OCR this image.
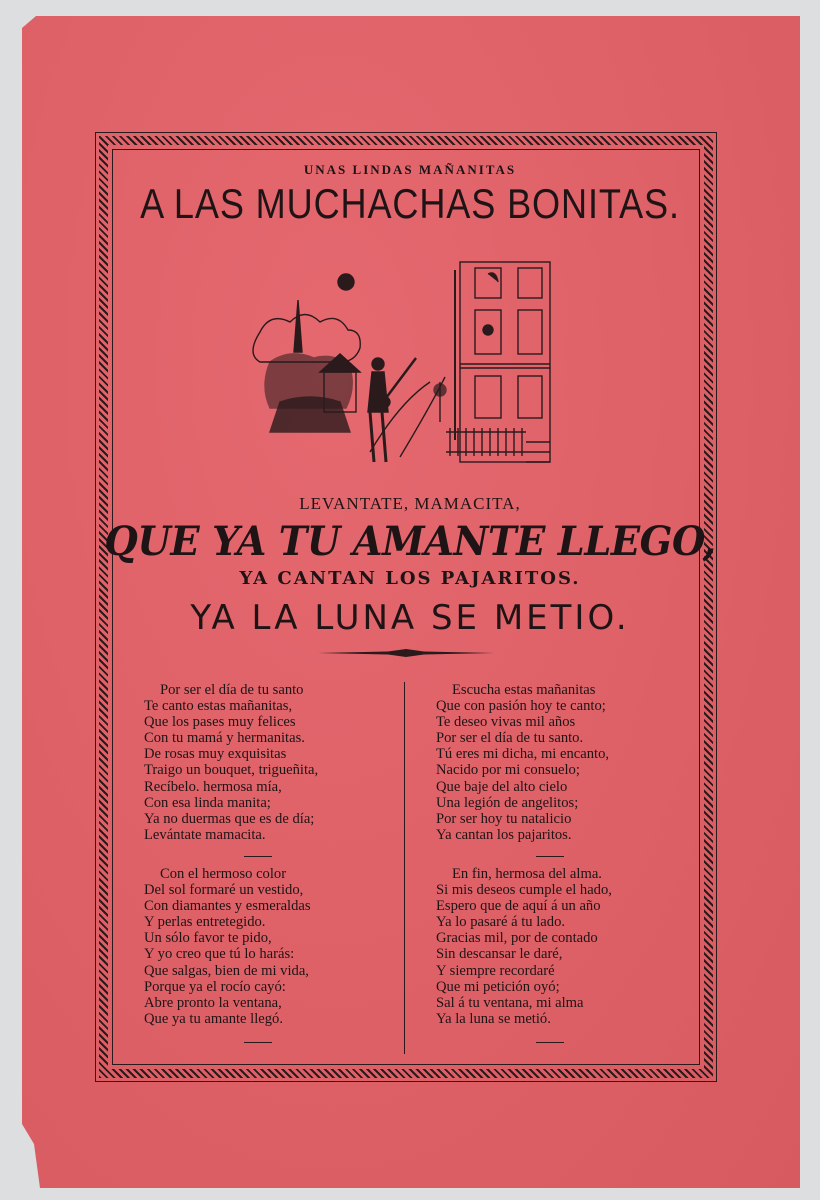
UNAS LINDAS MAÑANITAS
A LAS MUCHACHAS BONITAS.
LEVANTATE, MAMACITA,
QUE YA TU AMANTE LLEGO,
YA CANTAN LOS PAJARITOS.
YA LA LUNA SE METIO.
Por ser el día de tu santo
Te canto estas mañanitas,
Que los pases muy felices
Con tu mamá y hermanitas.
De rosas muy exquisitas
Traigo un bouquet, trigueñita,
Recíbelo. hermosa mía,
Con esa linda manita;
Ya no duermas que es de día;
Levántate mamacita.
Con el hermoso color
Del sol formaré un vestido,
Con diamantes y esmeraldas
Y perlas entretegido.
Un sólo favor te pido,
Y yo creo que tú lo harás:
Que salgas, bien de mi vida,
Porque ya el rocío cayó:
Abre pronto la ventana,
Que ya tu amante llegó.
Escucha estas mañanitas
Que con pasión hoy te canto;
Te deseo vivas mil años
Por ser el día de tu santo.
Tú eres mi dicha, mi encanto,
Nacido por mi consuelo;
Que baje del alto cielo
Una legión de angelitos;
Por ser hoy tu natalicio
Ya cantan los pajaritos.
En fin, hermosa del alma.
Si mis deseos cumple el hado,
Espero que de aquí á un año
Ya lo pasaré á tu lado.
Gracias mil, por de contado
Sin descansar le daré,
Y siempre recordaré
Que mi petición oyó;
Sal á tu ventana, mi alma
Ya la luna se metió.
